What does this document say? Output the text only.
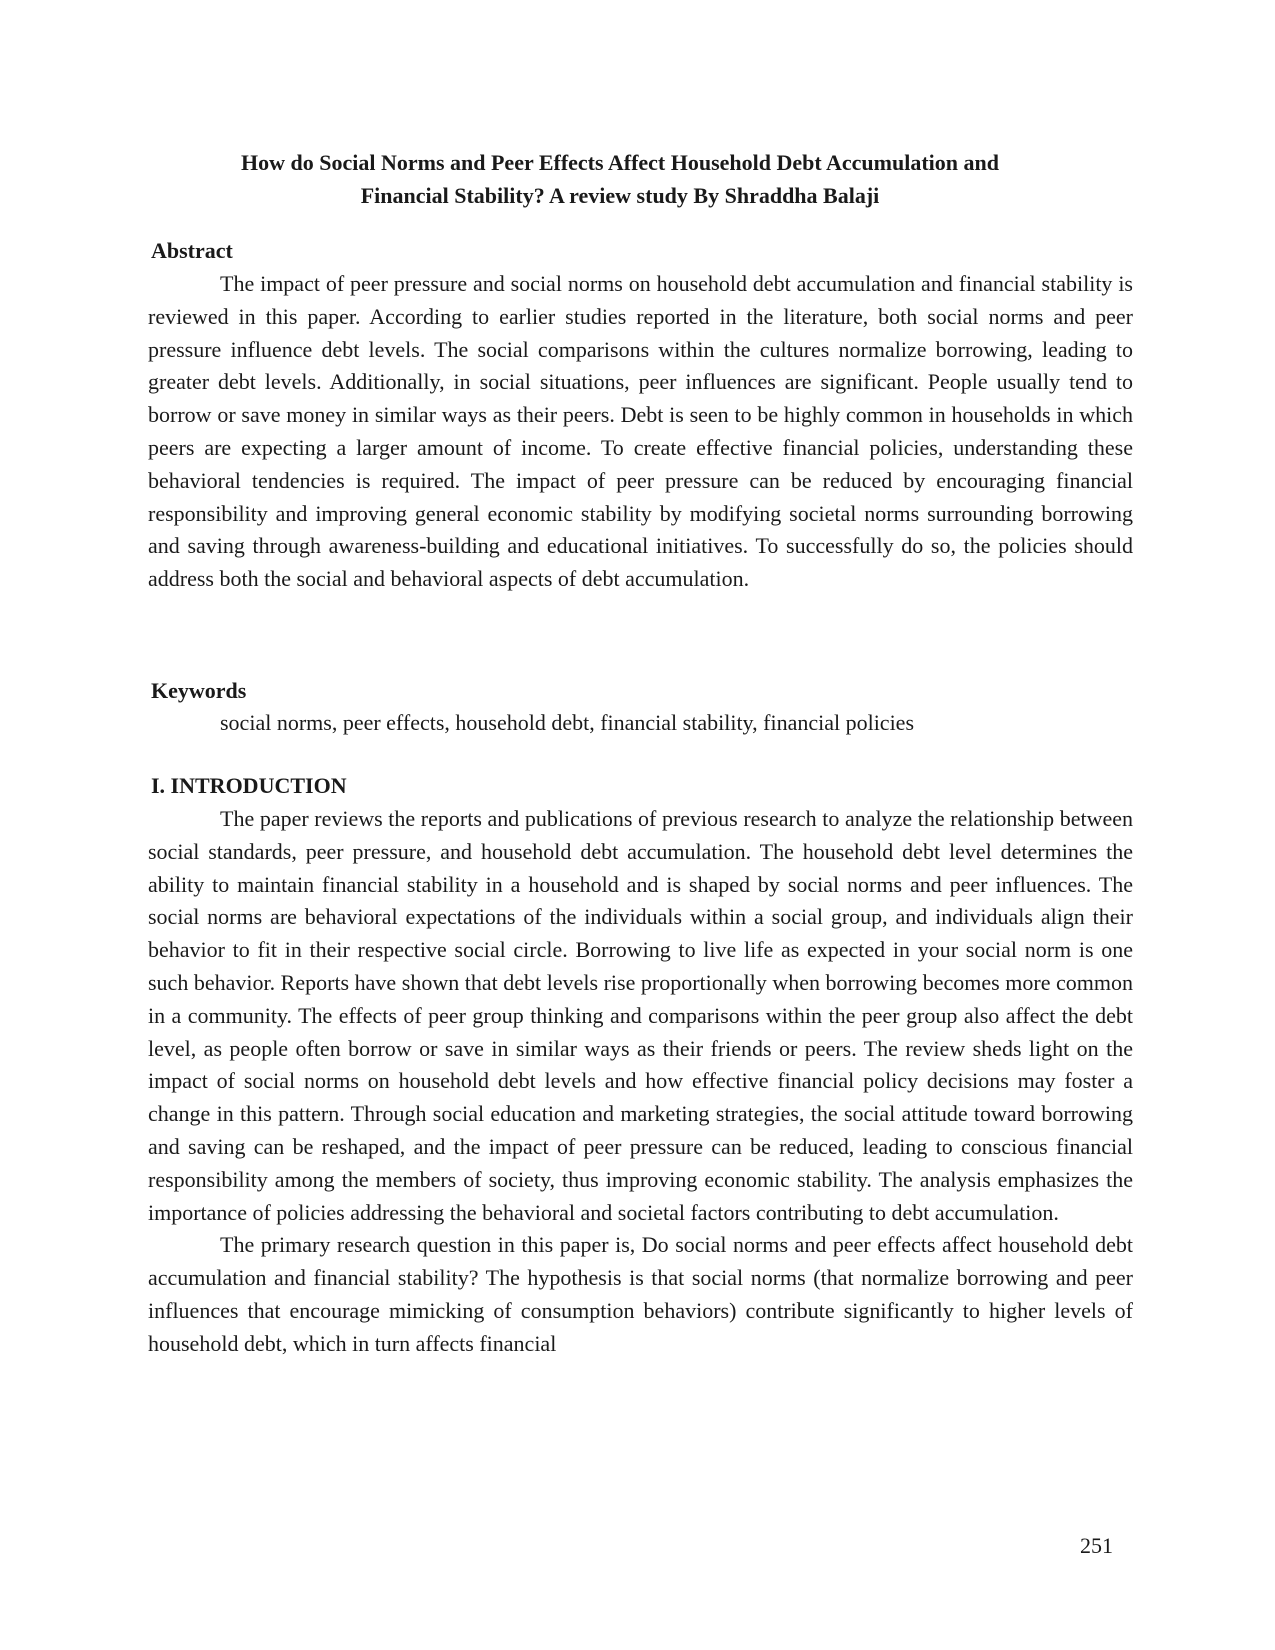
How do Social Norms and Peer Effects Affect Household Debt Accumulation and
Financial Stability? A review study By Shraddha Balaji
Abstract

The impact of peer pressure and social norms on household debt accumulation and financial stability is reviewed in this paper. According to earlier studies reported in the literature, both social norms and peer pressure influence debt levels. The social comparisons within the cultures normalize borrowing, leading to greater debt levels. Additionally, in social situations, peer influences are significant. People usually tend to borrow or save money in similar ways as their peers. Debt is seen to be highly common in households in which peers are expecting a larger amount of income. To create effective financial policies, understanding these behavioral tendencies is required. The impact of peer pressure can be reduced by encouraging financial responsibility and improving general economic stability by modifying societal norms surrounding borrowing and saving through awareness-building and educational initiatives. To successfully do so, the policies should address both the social and behavioral aspects of debt accumulation.

Keywords
social norms, peer effects, household debt, financial stability, financial policies
I. INTRODUCTION

The paper reviews the reports and publications of previous research to analyze the relationship between social standards, peer pressure, and household debt accumulation. The household debt level determines the ability to maintain financial stability in a household and is shaped by social norms and peer influences. The social norms are behavioral expectations of the individuals within a social group, and individuals align their behavior to fit in their respective social circle. Borrowing to live life as expected in your social norm is one such behavior. Reports have shown that debt levels rise proportionally when borrowing becomes more common in a community. The effects of peer group thinking and comparisons within the peer group also affect the debt level, as people often borrow or save in similar ways as their friends or peers. The review sheds light on the impact of social norms on household debt levels and how effective financial policy decisions may foster a change in this pattern. Through social education and marketing strategies, the social attitude toward borrowing and saving can be reshaped, and the impact of peer pressure can be reduced, leading to conscious financial responsibility among the members of society, thus improving economic stability. The analysis emphasizes the importance of policies addressing the behavioral and societal factors contributing to debt accumulation.

The primary research question in this paper is, Do social norms and peer effects affect household debt accumulation and financial stability? The hypothesis is that social norms (that normalize borrowing and peer influences that encourage mimicking of consumption behaviors) contribute significantly to higher levels of household debt, which in turn affects financial

251
